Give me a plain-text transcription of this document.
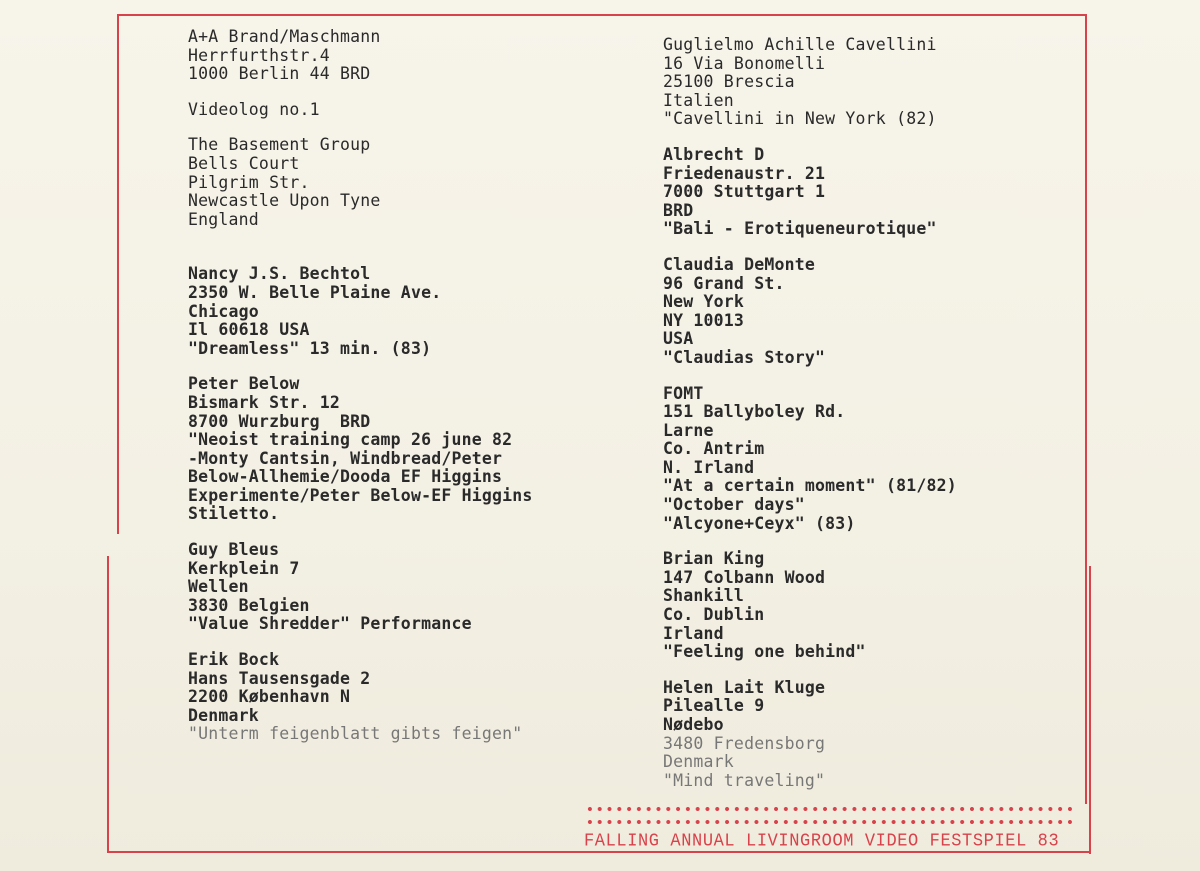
A+A Brand/Maschmann
Herrfurthstr.4
1000 Berlin 44 BRD
Videolog no.1
The Basement Group
Bells Court
Pilgrim Str.
Newcastle Upon Tyne
England
Nancy J.S. Bechtol
2350 W. Belle Plaine Ave.
Chicago
Il 60618 USA
"Dreamless" 13 min. (83)
Peter Below
Bismark Str. 12
8700 Wurzburg  BRD
"Neoist training camp 26 june 82
-Monty Cantsin, Windbread/Peter
Below-Allhemie/Dooda EF Higgins
Experimente/Peter Below-EF Higgins
Stiletto.
Guy Bleus
Kerkplein 7
Wellen
3830 Belgien
"Value Shredder" Performance
Erik Bock
Hans Tausensgade 2
2200 København N
Denmark
"Unterm feigenblatt gibts feigen"
Guglielmo Achille Cavellini
16 Via Bonomelli
25100 Brescia
Italien
"Cavellini in New York (82)
Albrecht D
Friedenaustr. 21
7000 Stuttgart 1
BRD
"Bali - Erotiqueneurotique"
Claudia DeMonte
96 Grand St.
New York
NY 10013
USA
"Claudias Story"
FOMT
151 Ballyboley Rd.
Larne
Co. Antrim
N. Irland
"At a certain moment" (81/82)
"October days"
"Alcyone+Ceyx" (83)
Brian King
147 Colbann Wood
Shankill
Co. Dublin
Irland
"Feeling one behind"
Helen Lait Kluge
Pilealle 9
Nødebo
3480 Fredensborg
Denmark
"Mind traveling"
FALLING ANNUAL LIVINGROOM VIDEO FESTSPIEL 83
